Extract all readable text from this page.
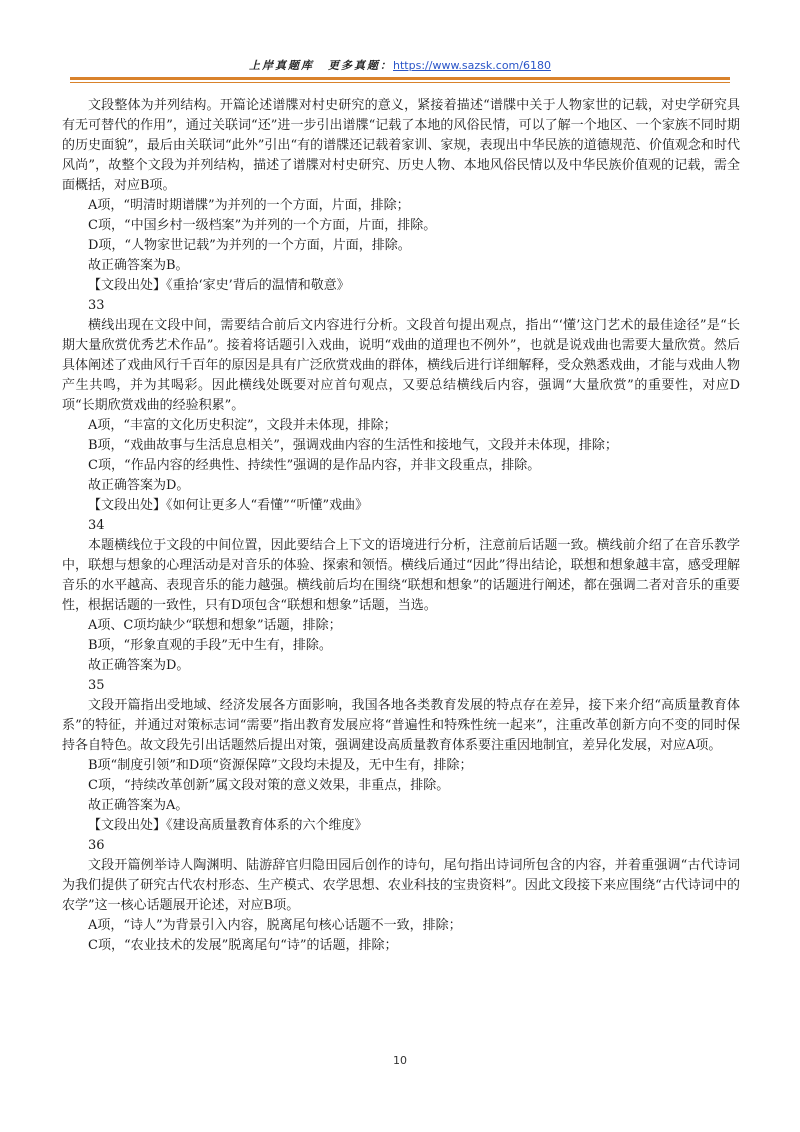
上岸真题库 更多真题：https://www.sazsk.com/6180

文段整体为并列结构。开篇论述谱牒对村史研究的意义，紧接着描述“谱牒中关于人物家世的记载，对史学研究具有无可替代的作用”，通过关联词“还”进一步引出谱牒“记载了本地的风俗民情，可以了解一个地区、一个家族不同时期的历史面貌”，最后由关联词“此外”引出“有的谱牒还记载着家训、家规，表现出中华民族的道德规范、价值观念和时代风尚”，故整个文段为并列结构，描述了谱牒对村史研究、历史人物、本地风俗民情以及中华民族价值观的记载，需全面概括，对应B项。

A项，“明清时期谱牒”为并列的一个方面，片面，排除；

C项，“中国乡村一级档案”为并列的一个方面，片面，排除。

D项，“人物家世记载”为并列的一个方面，片面，排除。

故正确答案为B。

【文段出处】《重拾‘家史’背后的温情和敬意》

33

横线出现在文段中间，需要结合前后文内容进行分析。文段首句提出观点，指出“‘懂’这门艺术的最佳途径”是“长期大量欣赏优秀艺术作品”。接着将话题引入戏曲，说明“戏曲的道理也不例外”，也就是说戏曲也需要大量欣赏。然后具体阐述了戏曲风行千百年的原因是具有广泛欣赏戏曲的群体，横线后进行详细解释，受众熟悉戏曲，才能与戏曲人物产生共鸣，并为其喝彩。因此横线处既要对应首句观点，又要总结横线后内容，强调“大量欣赏”的重要性，对应D项“长期欣赏戏曲的经验积累”。

A项，“丰富的文化历史积淀”，文段并未体现，排除；

B项，“戏曲故事与生活息息相关”，强调戏曲内容的生活性和接地气，文段并未体现，排除；

C项，“作品内容的经典性、持续性”强调的是作品内容，并非文段重点，排除。

故正确答案为D。

【文段出处】《如何让更多人“看懂”“听懂”戏曲》

34

本题横线位于文段的中间位置，因此要结合上下文的语境进行分析，注意前后话题一致。横线前介绍了在音乐教学中，联想与想象的心理活动是对音乐的体验、探索和领悟。横线后通过“因此”得出结论，联想和想象越丰富，感受理解音乐的水平越高、表现音乐的能力越强。横线前后均在围绕“联想和想象”的话题进行阐述，都在强调二者对音乐的重要性，根据话题的一致性，只有D项包含“联想和想象”话题，当选。

A项、C项均缺少“联想和想象”话题，排除；

B项，“形象直观的手段”无中生有，排除。

故正确答案为D。

35

文段开篇指出受地域、经济发展各方面影响，我国各地各类教育发展的特点存在差异，接下来介绍“高质量教育体系”的特征，并通过对策标志词“需要”指出教育发展应将“普遍性和特殊性统一起来”，注重改革创新方向不变的同时保持各自特色。故文段先引出话题然后提出对策，强调建设高质量教育体系要注重因地制宜，差异化发展，对应A项。

B项“制度引领”和D项“资源保障”文段均未提及，无中生有，排除；

C项，“持续改革创新”属文段对策的意义效果，非重点，排除。

故正确答案为A。

【文段出处】《建设高质量教育体系的六个维度》

36

文段开篇例举诗人陶渊明、陆游辞官归隐田园后创作的诗句，尾句指出诗词所包含的内容，并着重强调“古代诗词为我们提供了研究古代农村形态、生产模式、农学思想、农业科技的宝贵资料”。因此文段接下来应围绕“古代诗词中的农学”这一核心话题展开论述，对应B项。

A项，“诗人”为背景引入内容，脱离尾句核心话题不一致，排除；

C项，“农业技术的发展”脱离尾句“诗”的话题，排除；

10
